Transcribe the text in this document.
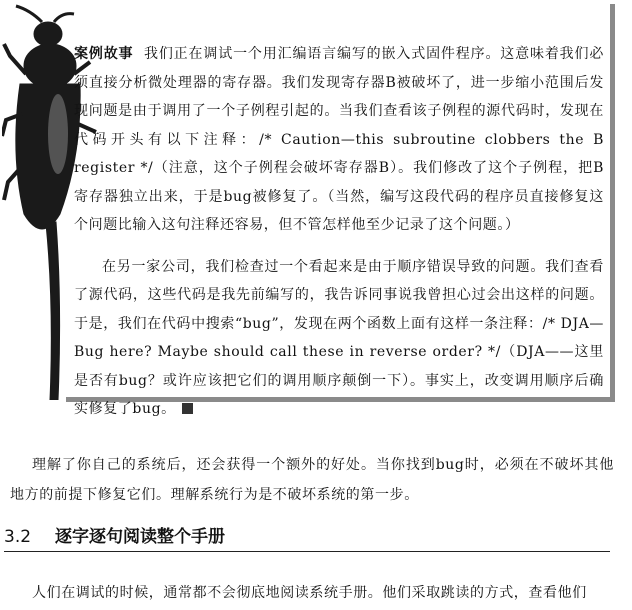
案例故事 我们正在调试一个用汇编语言编写的嵌入式固件程序。这意味着我们必须直接分析微处理器的寄存器。我们发现寄存器B被破坏了，进一步缩小范围后发现问题是由于调用了一个子例程引起的。当我们查看该子例程的源代码时，发现在代码开头有以下注释：/* Caution—this subroutine clobbers the B register */（注意，这个子例程会破坏寄存器B）。我们修改了这个子例程，把B寄存器独立出来，于是bug被修复了。（当然，编写这段代码的程序员直接修复这个问题比输入这句注释还容易，但不管怎样他至少记录了这个问题。）

在另一家公司，我们检查过一个看起来是由于顺序错误导致的问题。我们查看了源代码，这些代码是我先前编写的，我告诉同事说我曾担心过会出这样的问题。于是，我们在代码中搜索“bug”，发现在两个函数上面有这样一条注释：/* DJA—Bug here? Maybe should call these in reverse order? */（DJA——这里是否有bug？或许应该把它们的调用顺序颠倒一下）。事实上，改变调用顺序后确实修复了bug。

理解了你自己的系统后，还会获得一个额外的好处。当你找到bug时，必须在不破坏其他地方的前提下修复它们。理解系统行为是不破坏系统的第一步。

3.2 逐字逐句阅读整个手册

人们在调试的时候，通常都不会彻底地阅读系统手册。他们采取跳读的方式，查看他们
